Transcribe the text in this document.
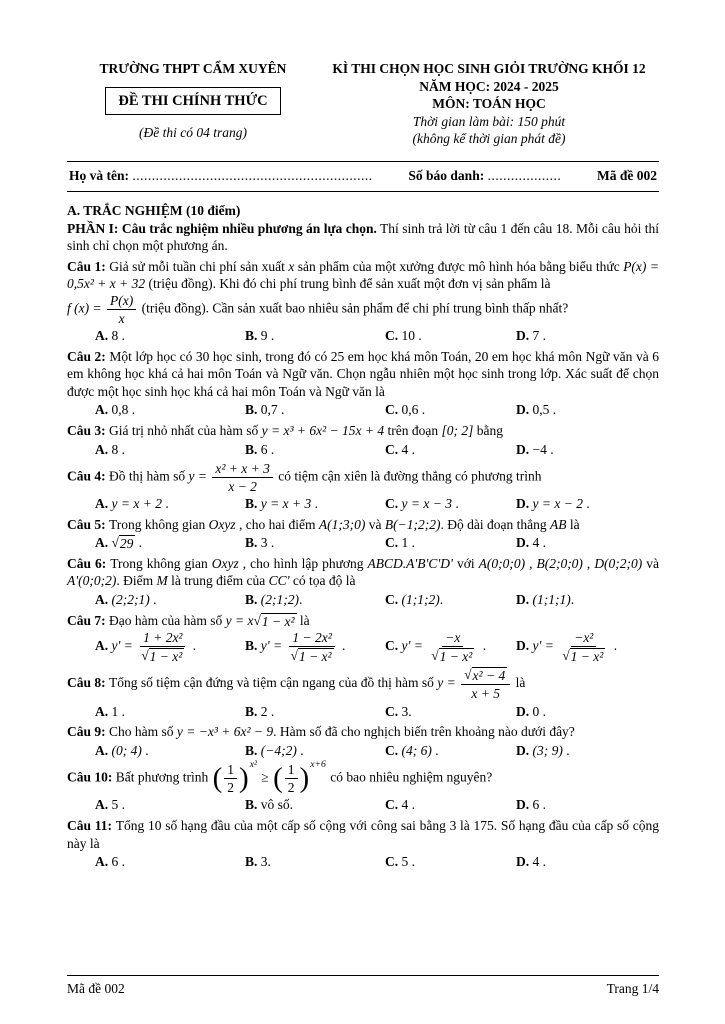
TRƯỜNG THPT CẨM XUYÊN
ĐỀ THI CHÍNH THỨC
(Đề thi có 04 trang)
KÌ THI CHỌN HỌC SINH GIỎI TRƯỜNG KHỐI 12
NĂM HỌC: 2024 - 2025
MÔN: TOÁN HỌC
Thời gian làm bài: 150 phút
(không kể thời gian phát đề)
Họ và tên: ..............................................................	Số báo danh: ...................	Mã đề 002
A. TRẮC NGHIỆM (10 điểm)
PHẦN I: Câu trắc nghiệm nhiều phương án lựa chọn. Thí sinh trả lời từ câu 1 đến câu 18. Mỗi câu hỏi thí sinh chỉ chọn một phương án.
Câu 1: Giả sử mỗi tuần chi phí sản xuất x sản phẩm của một xưởng được mô hình hóa bằng biểu thức P(x) = 0,5x² + x + 32 (triệu đồng). Khi đó chi phí trung bình để sản xuất một đơn vị sản phẩm là
f $(x) = \frac{P(x)}{x}$ (triệu đồng). Cần sản xuất bao nhiêu sản phẩm để chi phí trung bình thấp nhất?
A. 8 .	B. 9 .	C. 10 .	D. 7 .
Câu 2: Một lớp học có 30 học sinh, trong đó có 25 em học khá môn Toán, 20 em học khá môn Ngữ văn và 6 em không học khá cả hai môn Toán và Ngữ văn. Chọn ngẫu nhiên một học sinh trong lớp. Xác suất để chọn được một học sinh học khá cả hai môn Toán và Ngữ văn là
A. 0,8 .	B. 0,7 .	C. 0,6 .	D. 0,5 .
Câu 3: Giá trị nhỏ nhất của hàm số y = x³ + 6x² − 15x + 4 trên đoạn [0; 2] bằng
A. 8 .	B. 6 .	C. 4 .	D. −4 .
Câu 4: Đồ thị hàm số $y = \frac{\text{x² + x + 3}}{x - 2}$ có tiệm cận xiên là đường thẳng có phương trình
A. y = x + 2 .	B. y = x + 3 .	C. y = x − 3 .	D. y = x − 2 .
Câu 5: Trong không gian Oxyz , cho hai điểm A(1;3;0) và B(−1;2;2). Độ dài đoạn thẳng AB là
A. √ 29 .	B. 3 .	C. 1 .	D. 4 .
Câu 6: Trong không gian Oxyz , cho hình lập phương ABCD.A'B'C'D' với A(0;0;0) , B(2;0;0) , D(0;2;0) và A'(0;0;2). Điểm M là trung điểm của CC' có tọa độ là
A. (2;2;1) .	B. (2;1;2).	C. (1;1;2).	D. (1;1;1).
Câu 7: Đạo hàm của hàm số y = x √ 1 − x² là
A. $y' = \frac{\text{1 + 2x²}}{\text{√ 1 − x²}}$ .	B. $y' = \frac{\text{1 − 2x²}}{\text{√ 1 − x²}}$ .	C. $y' = \frac{-x}{\text{√ 1 − x²}}$ .	D. $y' = \frac{\text{−x²}}{\text{√ 1 − x²}}$ .
Câu 8: Tổng số tiệm cận đứng và tiệm cận ngang của đồ thị hàm số $y = \frac{\text{√ x² − 4}}{x + 5}$ là
A. 1 .	B. 2 .	C. 3.	D. 0 .
Câu 9: Cho hàm số y = −x³ + 6x² − 9. Hàm số đã cho nghịch biến trên khoảng nào dưới đây?
A. (0; 4) .	B. (−4;2) .	C. (4; 6) .	D. (3; 9) .
Câu 10: Bất phương trình ( $\frac{1}{2}$ ) x²
≥ ( $\frac{1}{2}$ ) x+6
có bao nhiêu nghiệm nguyên?
A. 5 .	B. vô số.	C. 4 .	D. 6 .
Câu 11: Tổng 10 số hạng đầu của một cấp số cộng với công sai bằng 3 là 175. Số hạng đầu của cấp số cộng này là
A. 6 .	B. 3.	C. 5 .	D. 4 .
Mã đề 002	Trang 1/4
